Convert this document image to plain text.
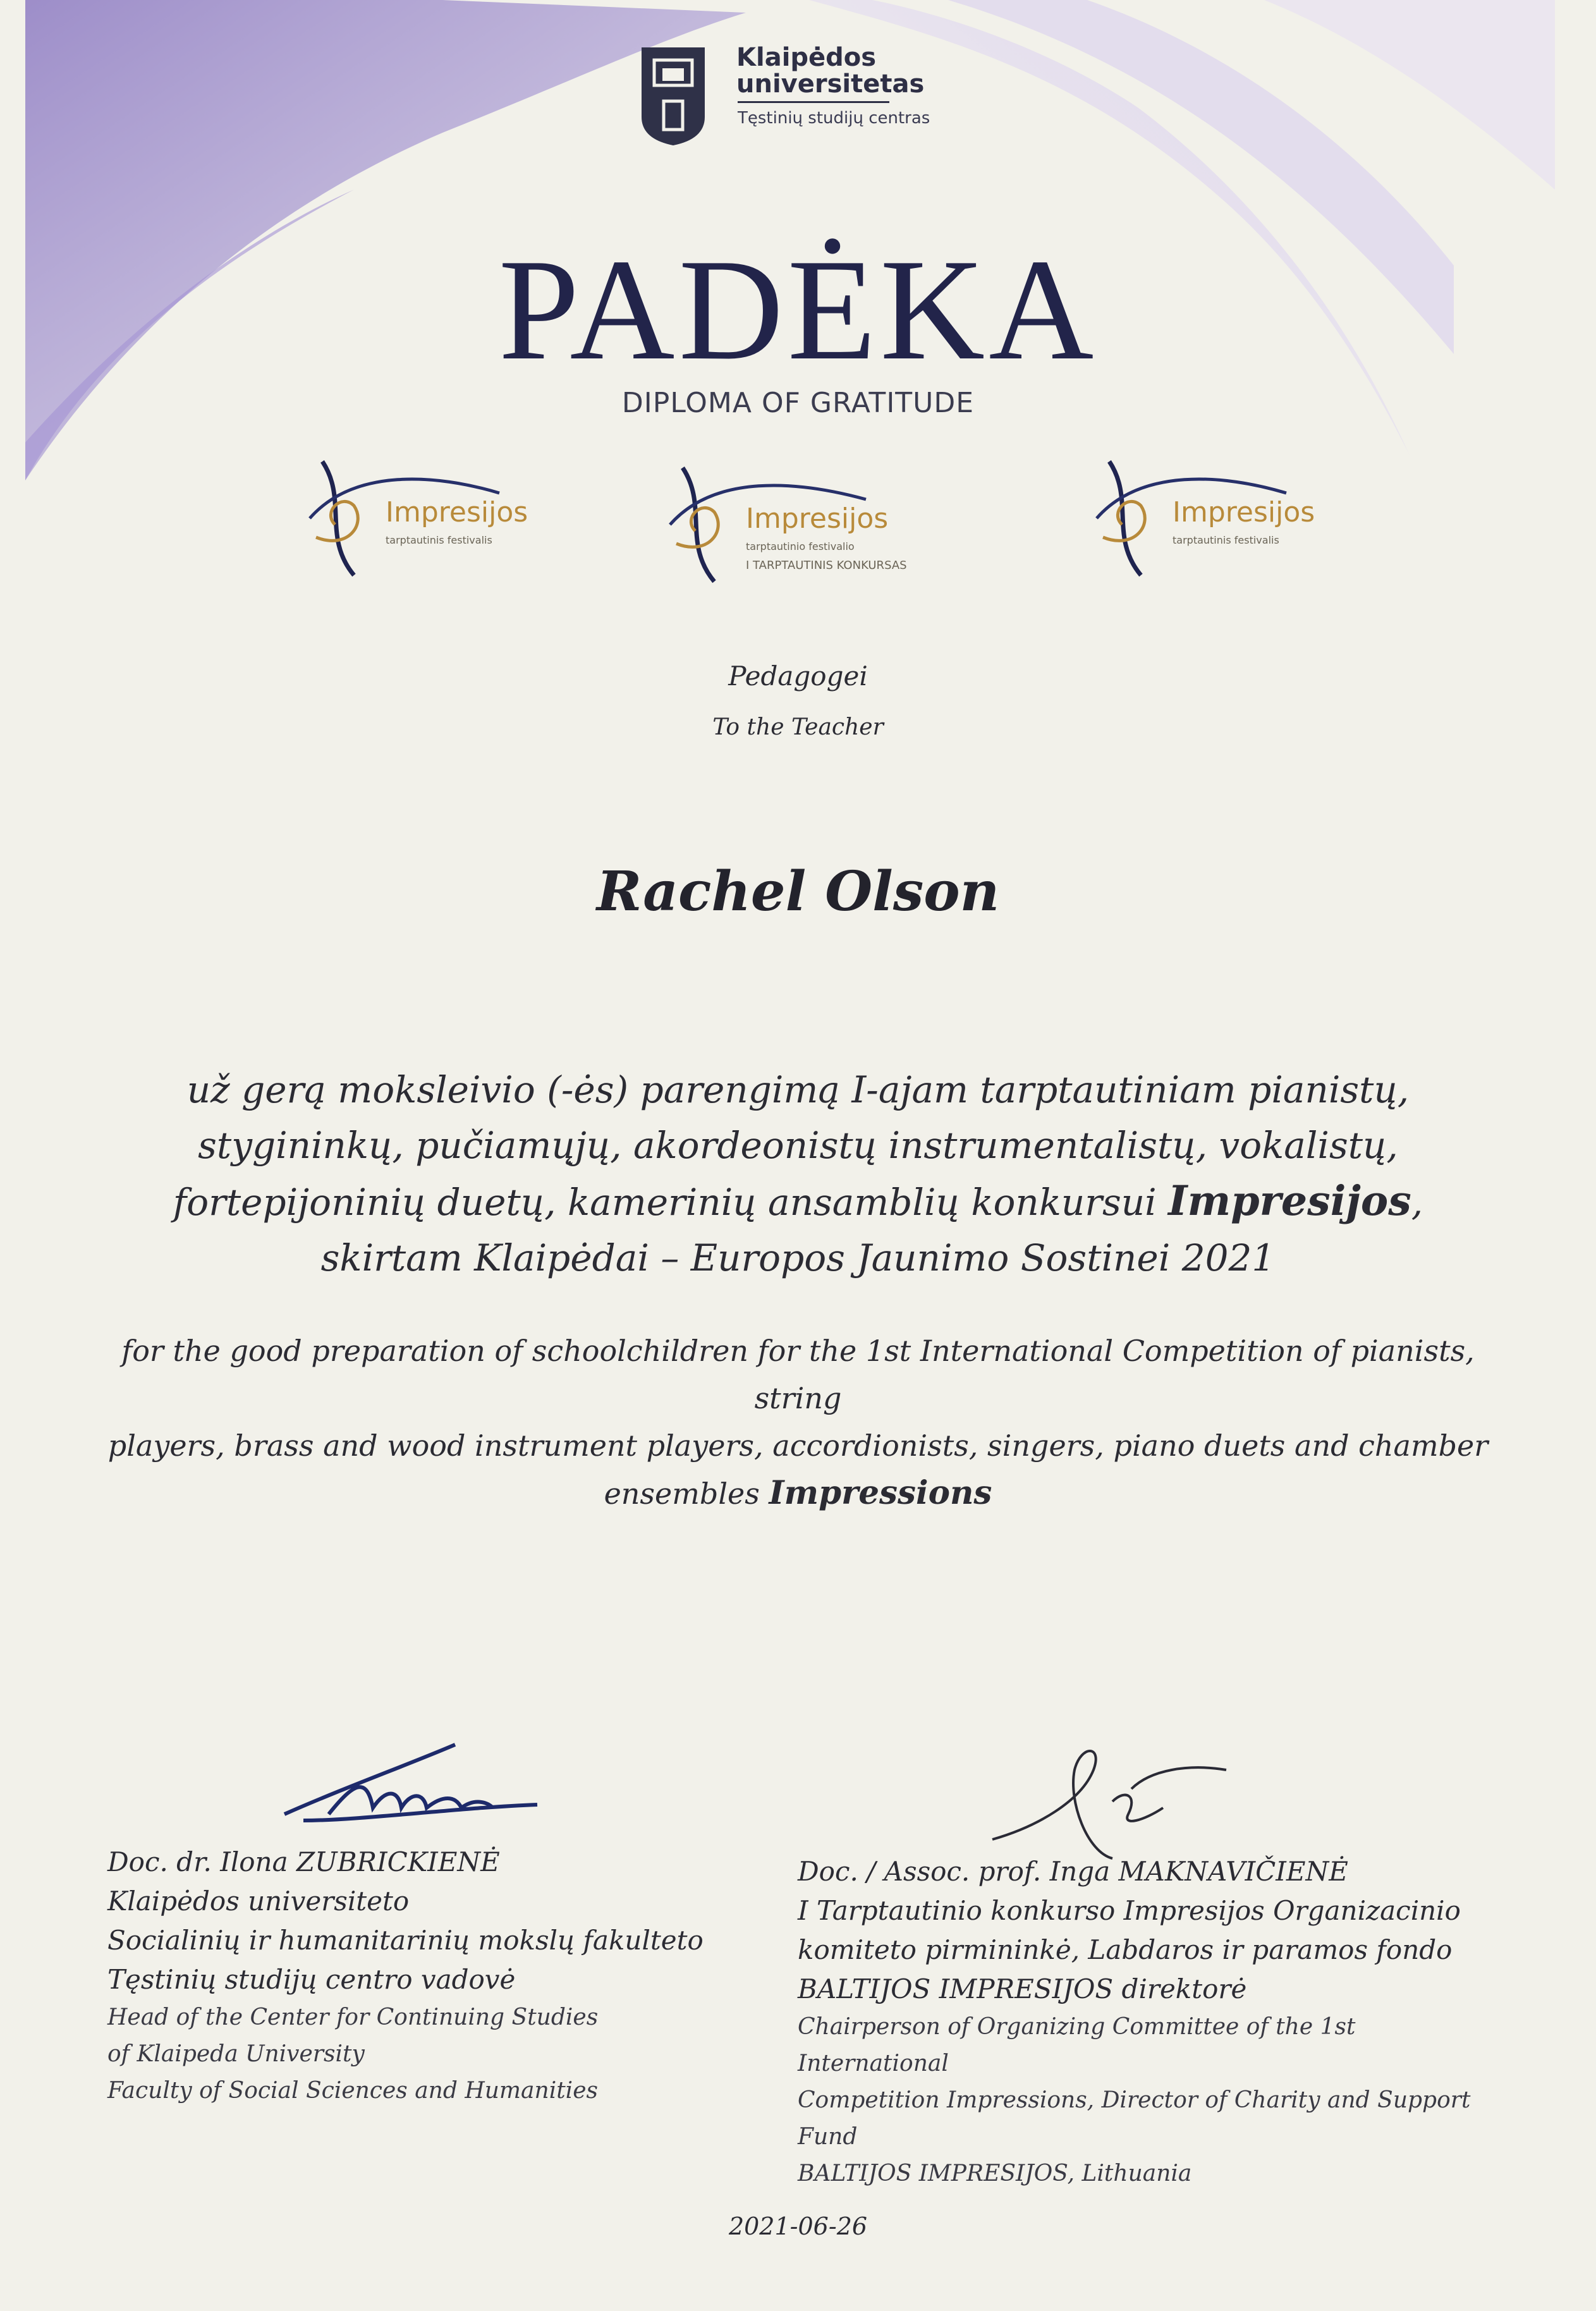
Klaipėdos
universitetas
Tęstinių studijų centras
PADĖKA
DIPLOMA OF GRATITUDE
Impresijos
tarptautinis festivalis
Impresijos
tarptautinio festivalio
I TARPTAUTINIS KONKURSAS
Impresijos
tarptautinis festivalis
Pedagogei
To the Teacher
Rachel Olson
už gerą moksleivio (-ės) parengimą I-ajam tarptautiniam pianistų,
stygininkų, pučiamųjų, akordeonistų instrumentalistų, vokalistų,
fortepijoninių duetų, kamerinių ansamblių konkursui Impresijos,
skirtam Klaipėdai – Europos Jaunimo Sostinei 2021
for the good preparation of schoolchildren for the 1st International Competition of pianists, string
players, brass and wood instrument players, accordionists, singers, piano duets and chamber
ensembles Impressions
Doc. dr. Ilona ZUBRICKIENĖ
Klaipėdos universiteto
Socialinių ir humanitarinių mokslų fakulteto
Tęstinių studijų centro vadovė
Head of the Center for Continuing Studies
of Klaipeda University
Faculty of Social Sciences and Humanities
Doc. / Assoc. prof. Inga MAKNAVIČIENĖ
I Tarptautinio konkurso Impresijos Organizacinio
komiteto pirmininkė, Labdaros ir paramos fondo
BALTIJOS IMPRESIJOS direktorė
Chairperson of Organizing Committee of the 1st International
Competition Impressions, Director of Charity and Support Fund
BALTIJOS IMPRESIJOS, Lithuania
2021-06-26
